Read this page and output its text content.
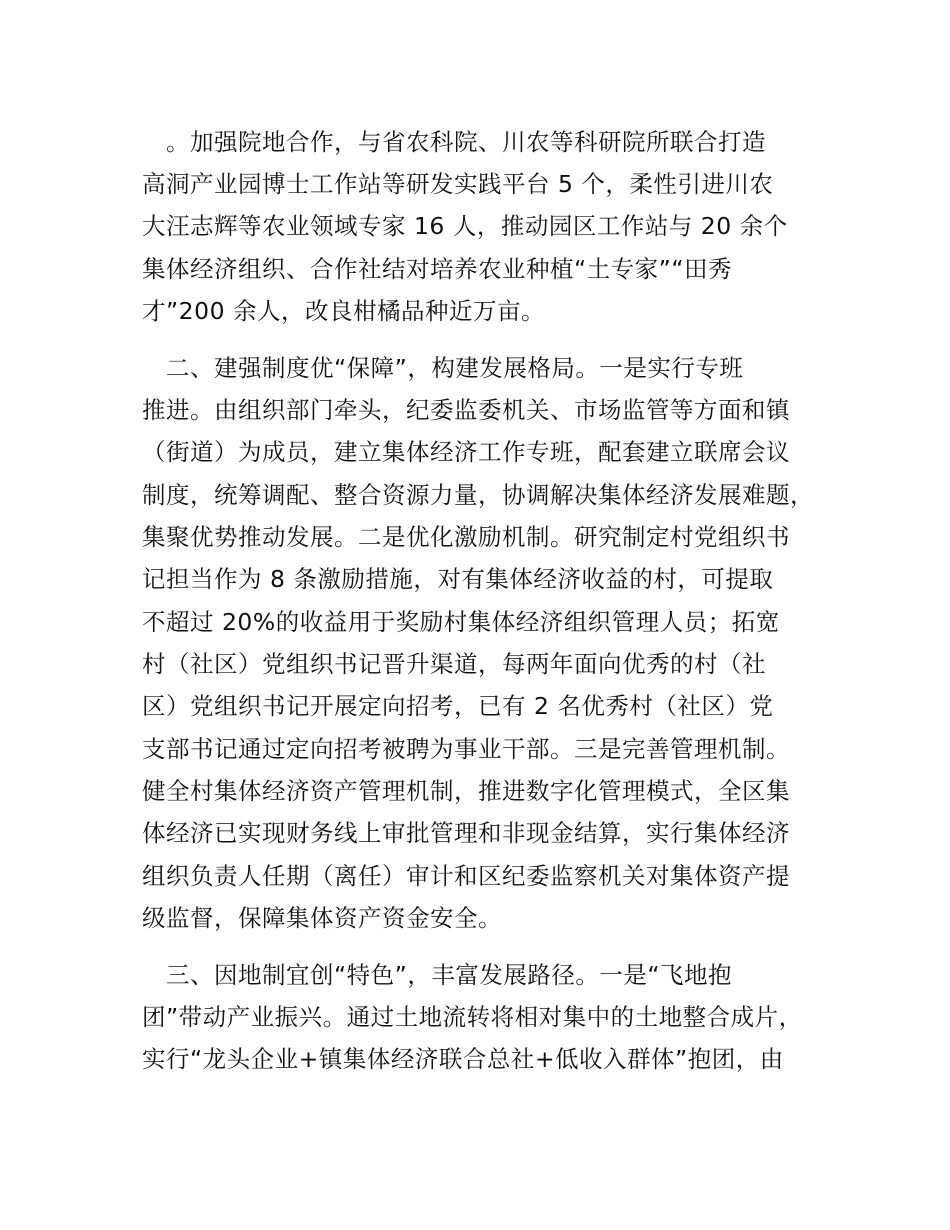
　。加强院地合作，与省农科院、川农等科研院所联合打造
高洞产业园博士工作站等研发实践平台 5 个，柔性引进川农
大汪志辉等农业领域专家 16 人，推动园区工作站与 20 余个
集体经济组织、合作社结对培养农业种植“土专家”“田秀
才”200 余人，改良柑橘品种近万亩。
　二、建强制度优“保障”，构建发展格局。一是实行专班
推进。由组织部门牵头，纪委监委机关、市场监管等方面和镇
（街道）为成员，建立集体经济工作专班，配套建立联席会议
制度，统筹调配、整合资源力量，协调解决集体经济发展难题，
集聚优势推动发展。二是优化激励机制。研究制定村党组织书
记担当作为 8 条激励措施，对有集体经济收益的村，可提取
不超过 20%的收益用于奖励村集体经济组织管理人员；拓宽
村（社区）党组织书记晋升渠道，每两年面向优秀的村（社
区）党组织书记开展定向招考，已有 2 名优秀村（社区）党
支部书记通过定向招考被聘为事业干部。三是完善管理机制。
健全村集体经济资产管理机制，推进数字化管理模式，全区集
体经济已实现财务线上审批管理和非现金结算，实行集体经济
组织负责人任期（离任）审计和区纪委监察机关对集体资产提
级监督，保障集体资产资金安全。
　三、因地制宜创“特色”，丰富发展路径。一是“飞地抱
团”带动产业振兴。通过土地流转将相对集中的土地整合成片，
实行“龙头企业+镇集体经济联合总社+低收入群体”抱团，由
